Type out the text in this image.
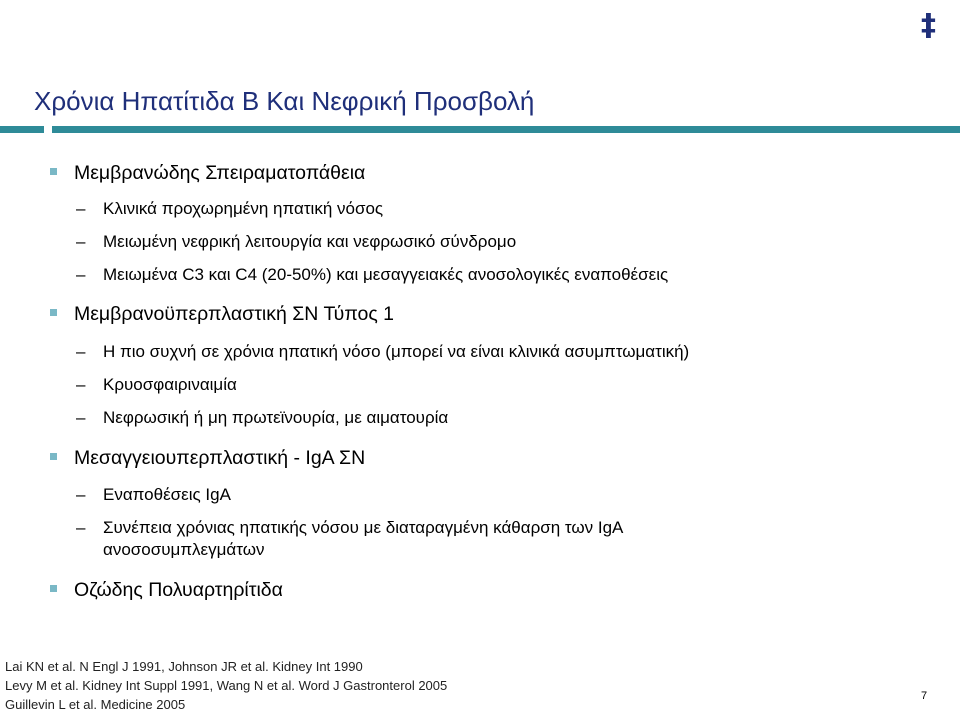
‡
Χρόνια Ηπατίτιδα Β Και Νεφρική Προσβολή
Μεμβρανώδης Σπειραματοπάθεια
– Κλινικά προχωρημένη ηπατική νόσος
– Μειωμένη νεφρική λειτουργία και νεφρωσικό σύνδρομο
– Μειωμένα C3 και C4 (20-50%) και μεσαγγειακές ανοσολογικές εναποθέσεις
Μεμβρανοϋπερπλαστική ΣΝ Τύπος 1
– Η πιο συχνή σε χρόνια ηπατική νόσο (μπορεί να είναι κλινικά ασυμπτωματική)
– Κρυοσφαιριναιμία
– Νεφρωσική ή μη πρωτεϊνουρία, με αιματουρία
Μεσαγγειουπερπλαστική - IgA ΣΝ
– Εναποθέσεις IgA
– Συνέπεια χρόνιας ηπατικής νόσου με διαταραγμένη κάθαρση των IgA
ανοσοσυμπλεγμάτων
Οζώδης Πολυαρτηρίτιδα
Lai KN et al. N Engl J 1991, Johnson JR et al. Kidney Int 1990
Levy M et al. Kidney Int Suppl 1991, Wang N et al. Word J Gastronterol 2005
Guillevin L et al. Medicine 2005
7
